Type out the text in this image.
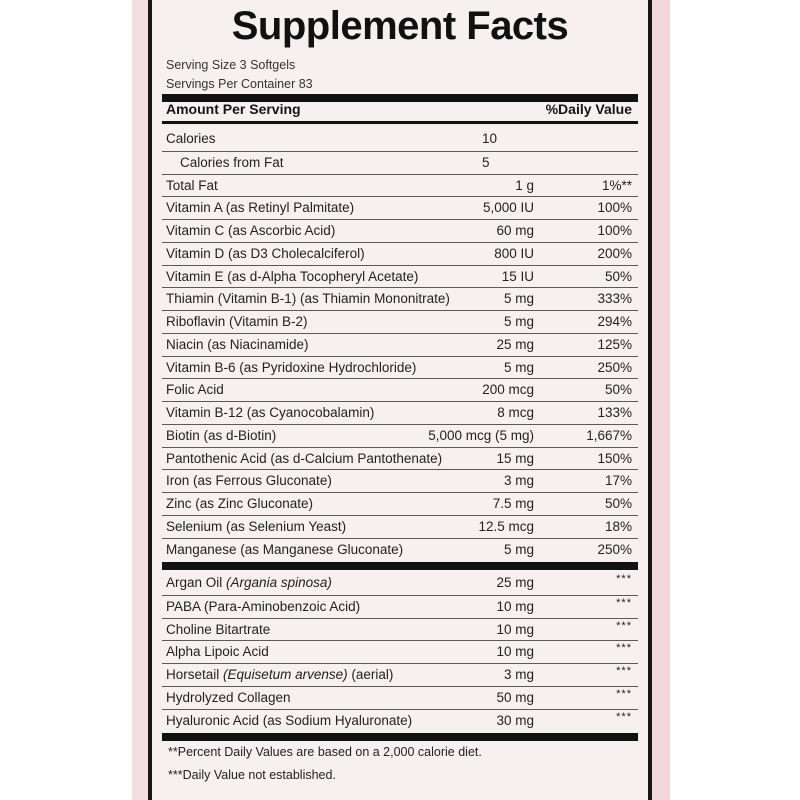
Supplement Facts
Serving Size 3 Softgels
Servings Per Container 83
Amount Per Serving	%Daily Value
Calories	10
Calories from Fat	5
Total Fat	1 g	1%**
Vitamin A (as Retinyl Palmitate)	5,000 IU	100%
Vitamin C (as Ascorbic Acid)	60 mg	100%
Vitamin D (as D3 Cholecalciferol)	800 IU	200%
Vitamin E (as d-Alpha Tocopheryl Acetate)	15 IU	50%
Thiamin (Vitamin B-1) (as Thiamin Mononitrate)	5 mg	333%
Riboflavin (Vitamin B-2)	5 mg	294%
Niacin (as Niacinamide)	25 mg	125%
Vitamin B-6 (as Pyridoxine Hydrochloride)	5 mg	250%
Folic Acid	200 mcg	50%
Vitamin B-12 (as Cyanocobalamin)	8 mcg	133%
Biotin (as d-Biotin)	5,000 mcg (5 mg)	1,667%
Pantothenic Acid (as d-Calcium Pantothenate)	15 mg	150%
Iron (as Ferrous Gluconate)	3 mg	17%
Zinc (as Zinc Gluconate)	7.5 mg	50%
Selenium (as Selenium Yeast)	12.5 mcg	18%
Manganese (as Manganese Gluconate)	5 mg	250%
Argan Oil (Argania spinosa)	25 mg	***
PABA (Para-Aminobenzoic Acid)	10 mg	***
Choline Bitartrate	10 mg	***
Alpha Lipoic Acid	10 mg	***
Horsetail (Equisetum arvense) (aerial)	3 mg	***
Hydrolyzed Collagen	50 mg	***
Hyaluronic Acid (as Sodium Hyaluronate)	30 mg	***
**Percent Daily Values are based on a 2,000 calorie diet.
***Daily Value not established.
